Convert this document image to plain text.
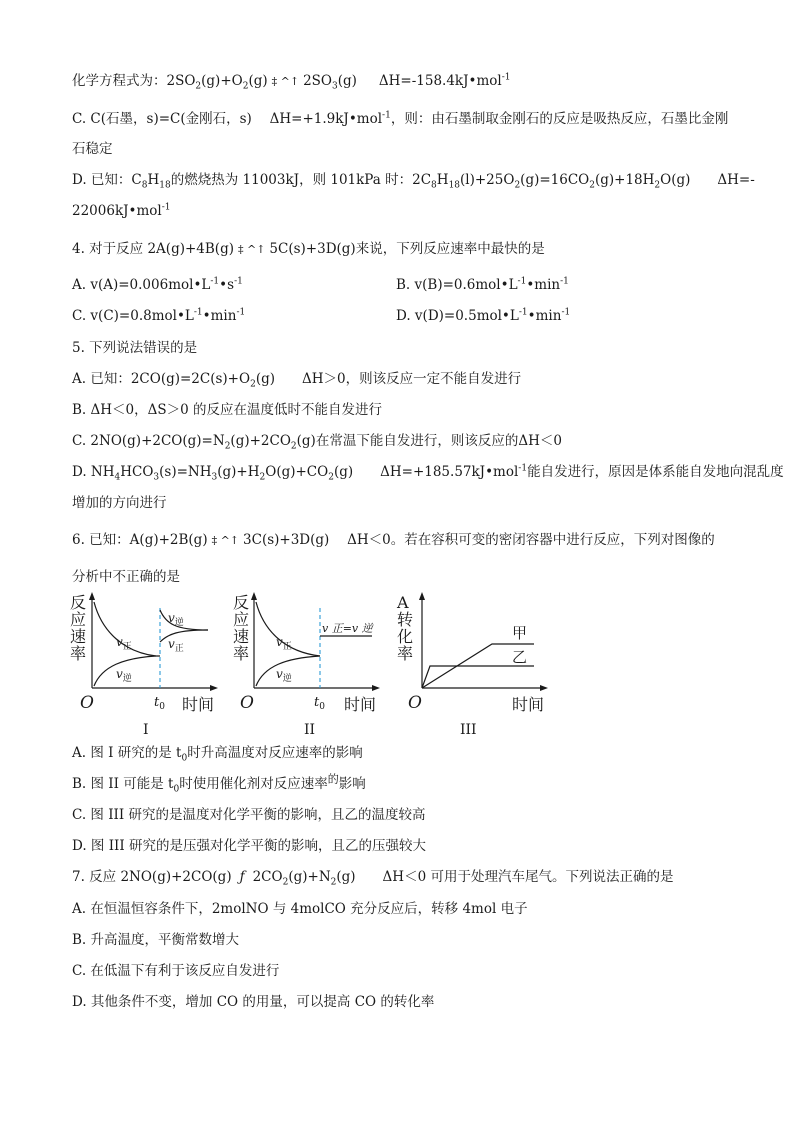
化学方程式为：$2SO_2(g)+O_2(g)$ ‡ ^↑ $2SO_3(g)$ ΔH=-158.4kJ•mol$^{-1}$
C. C(石墨，s)=C(金刚石，s)　 ΔH=+1.9kJ•mol$^{-1}$，则：由石墨制取金刚石的反应是吸热反应，石墨比金刚
石稳定
D. 已知：$C_8H_{18}$的燃烧热为 11003kJ，则 101kPa 时：$2C_8H_{18}(l)+25O_2(g)=16CO_2(g)+18H_2O(g)$　　ΔH=-
22006kJ•mol$^{-1}$
4. 对于反应 2A(g)+4B(g) ‡ ^↑ 5C(s)+3D(g)来说，下列反应速率中最快的是
A. $v(A)=0.006mol•L^{-1}•s^{-1}$	B. $v(B)=0.6mol•L^{-1}•\min^{-1}$
C. $v(C)=0.8mol•L^{-1}•\min^{-1}$	D. $v(D)=0.5mol•L^{-1}•\min^{-1}$
5. 下列说法错误的是
A. 已知：$2CO(g)=2C(s)+O_2(g)$　　ΔH＞0，则该反应一定不能自发进行
B. ΔH＜0，ΔS＞0 的反应在温度低时不能自发进行
C. $2NO(g)+2CO(g)=N_2(g)+2CO_2(g)$在常温下能自发进行，则该反应的ΔH＜0
D. $NH_4HCO_3(s)=NH_3(g)+H_2O(g)+CO_2(g)$　　ΔH=+185.57kJ•mol$^{-1}$能自发进行，原因是体系能自发地向混乱度
增加的方向进行
6. 已知：A(g)+2B(g) ‡ ^↑ 3C(s)+3D(g)　 ΔH＜0。若在容积可变的密闭容器中进行反应，下列对图像的
分析中不正确的是
反
应
速
率
$v_正$
$v_逆$
$v_逆$
$v_正$
O	$t_0$ 时间
I
反
应
速
率
$v_正$
$v_逆$
v 正=v 逆
O	$t_0$ 时间
II
A
转
化
率
甲
乙
O	时间
III
A. 图 I 研究的是 $t_0$时升高温度对反应速率的影响
B. 图 II 可能是 $t_0$时使用催化剂对反应速率$^的$影响
C. 图 III 研究的是温度对化学平衡的影响，且乙的温度较高
D. 图 III 研究的是压强对化学平衡的影响，且乙的压强较大
7. 反应 2NO(g)+2CO(g) ƒ $2CO_2(g)+N_2(g)$　　ΔH＜0 可用于处理汽车尾气。下列说法正确的是
A. 在恒温恒容条件下，2molNO 与 4molCO 充分反应后，转移 4mol 电子
B. 升高温度，平衡常数增大
C. 在低温下有利于该反应自发进行
D. 其他条件不变，增加 CO 的用量，可以提高 CO 的转化率
